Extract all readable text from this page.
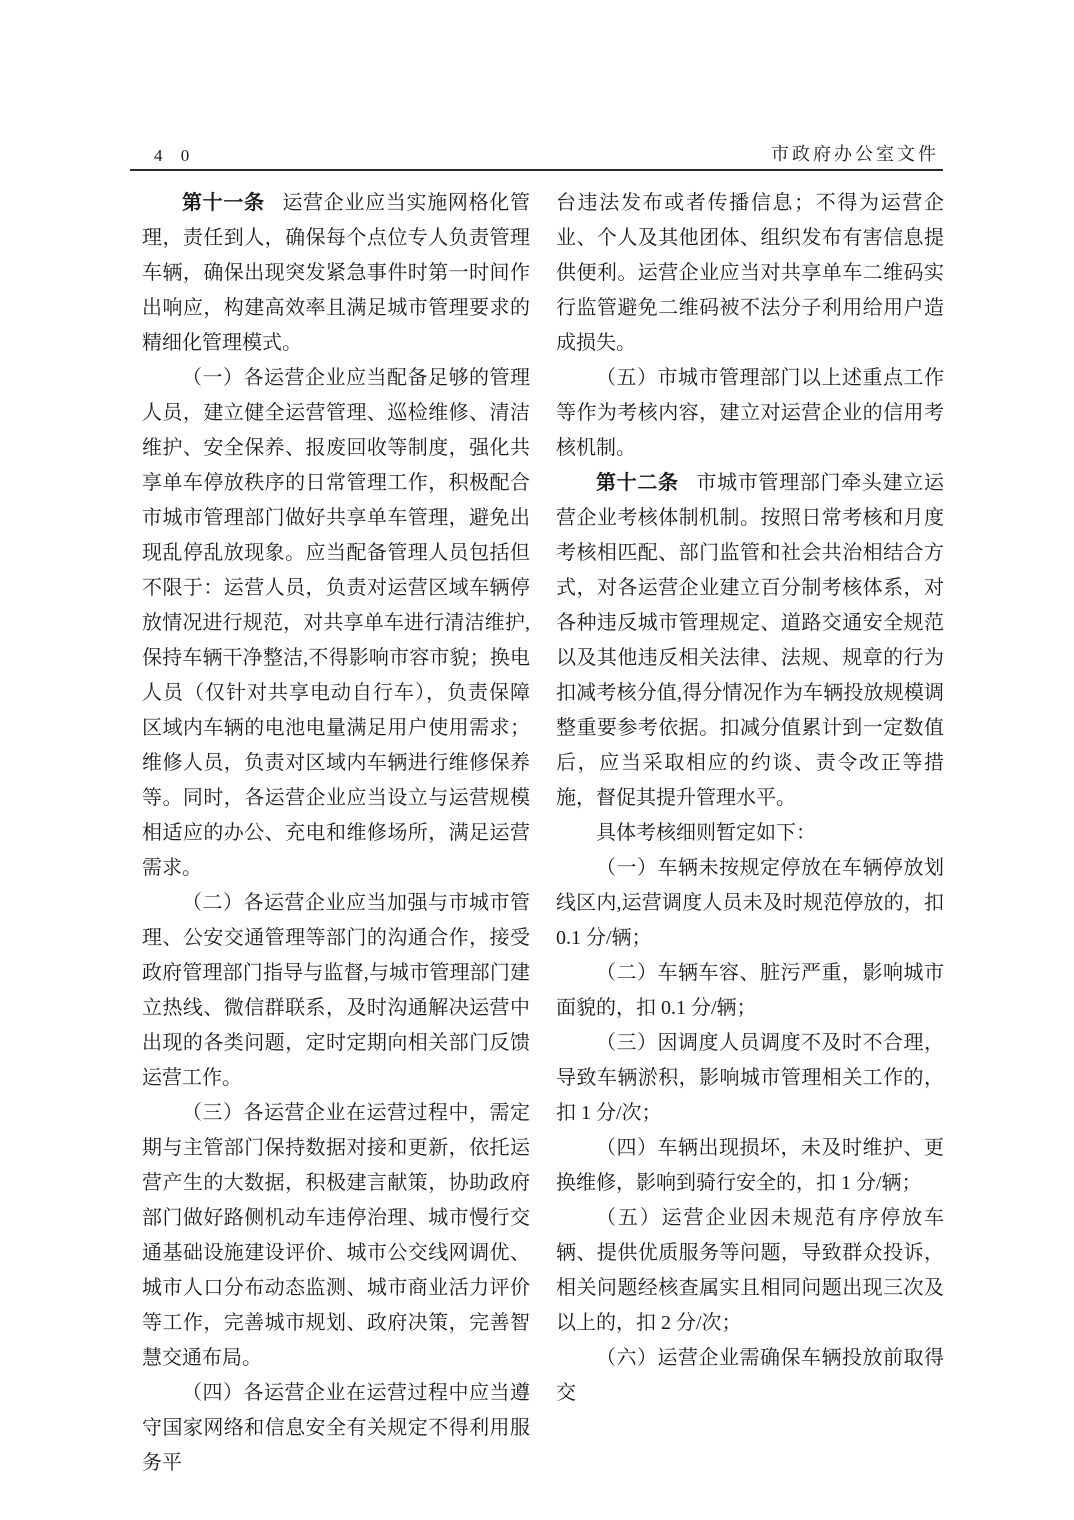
4 0	市政府办公室文件

第十一条 运营企业应当实施网格化管理，责任到人，确保每个点位专人负责管理车辆，确保出现突发紧急事件时第一时间作出响应，构建高效率且满足城市管理要求的精细化管理模式。

（一）各运营企业应当配备足够的管理人员，建立健全运营管理、巡检维修、清洁维护、安全保养、报废回收等制度，强化共享单车停放秩序的日常管理工作，积极配合市城市管理部门做好共享单车管理，避免出现乱停乱放现象。应当配备管理人员包括但不限于：运营人员，负责对运营区域车辆停放情况进行规范，对共享单车进行清洁维护,保持车辆干净整洁,不得影响市容市貌；换电人员（仅针对共享电动自行车），负责保障区域内车辆的电池电量满足用户使用需求；维修人员，负责对区域内车辆进行维修保养等。同时，各运营企业应当设立与运营规模相适应的办公、充电和维修场所，满足运营需求。

（二）各运营企业应当加强与市城市管理、公安交通管理等部门的沟通合作，接受政府管理部门指导与监督,与城市管理部门建立热线、微信群联系，及时沟通解决运营中出现的各类问题，定时定期向相关部门反馈运营工作。

（三）各运营企业在运营过程中，需定期与主管部门保持数据对接和更新，依托运营产生的大数据，积极建言献策，协助政府部门做好路侧机动车违停治理、城市慢行交通基础设施建设评价、城市公交线网调优、城市人口分布动态监测、城市商业活力评价等工作，完善城市规划、政府决策，完善智慧交通布局。

（四）各运营企业在运营过程中应当遵守国家网络和信息安全有关规定不得利用服务平

台违法发布或者传播信息；不得为运营企业、个人及其他团体、组织发布有害信息提供便利。运营企业应当对共享单车二维码实行监管避免二维码被不法分子利用给用户造成损失。

（五）市城市管理部门以上述重点工作等作为考核内容，建立对运营企业的信用考核机制。

第十二条 市城市管理部门牵头建立运营企业考核体制机制。按照日常考核和月度考核相匹配、部门监管和社会共治相结合方式，对各运营企业建立百分制考核体系，对各种违反城市管理规定、道路交通安全规范以及其他违反相关法律、法规、规章的行为扣减考核分值,得分情况作为车辆投放规模调整重要参考依据。扣减分值累计到一定数值后，应当采取相应的约谈、责令改正等措施，督促其提升管理水平。

具体考核细则暂定如下：

（一）车辆未按规定停放在车辆停放划线区内,运营调度人员未及时规范停放的，扣 0.1 分/辆；

（二）车辆车容、脏污严重，影响城市面貌的，扣 0.1 分/辆；

（三）因调度人员调度不及时不合理，导致车辆淤积，影响城市管理相关工作的，扣 1 分/次；

（四）车辆出现损坏，未及时维护、更换维修，影响到骑行安全的，扣 1 分/辆；

（五）运营企业因未规范有序停放车辆、提供优质服务等问题，导致群众投诉，相关问题经核查属实且相同问题出现三次及以上的，扣 2 分/次；

（六）运营企业需确保车辆投放前取得交
